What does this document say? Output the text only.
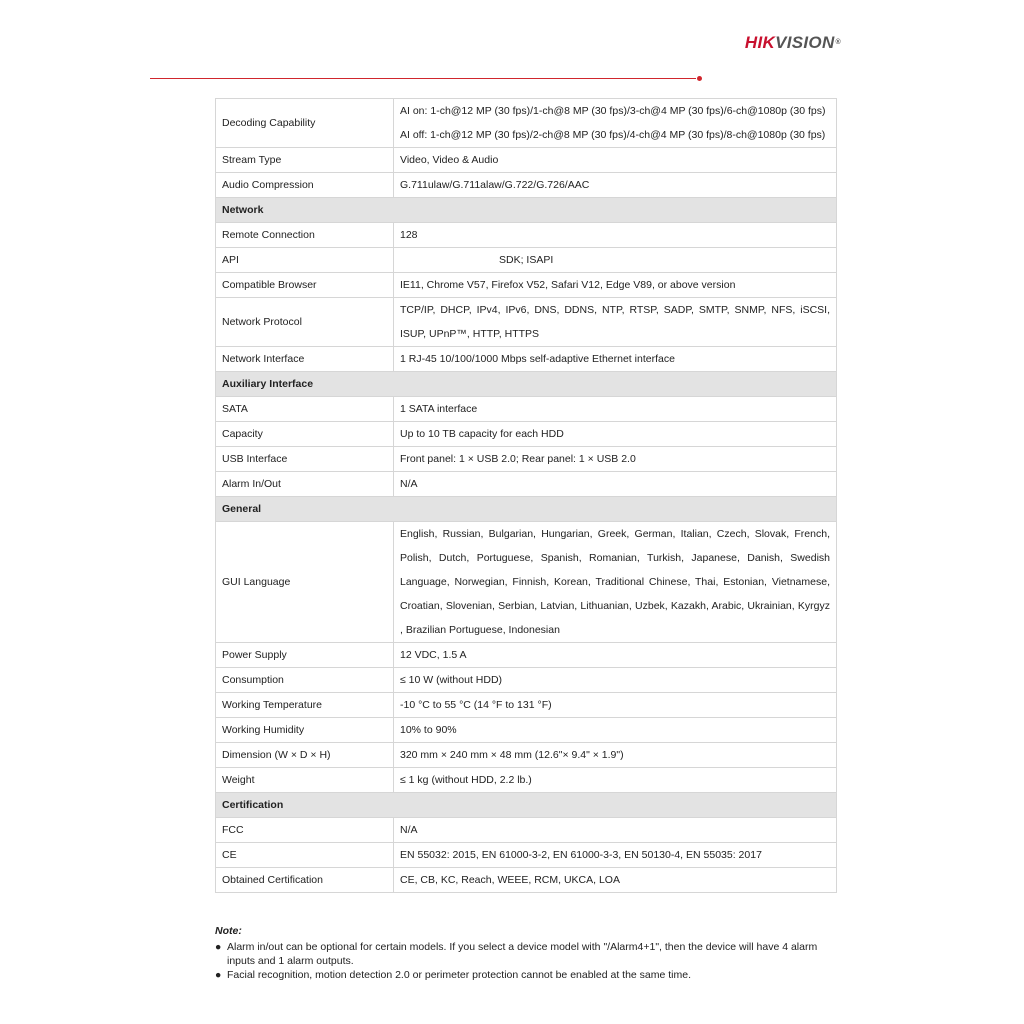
HIKVISION®
Decoding Capability	AI on: 1-ch@12 MP (30 fps)/1-ch@8 MP (30 fps)/3-ch@4 MP (30 fps)/6-ch@1080p (30 fps)
AI off: 1-ch@12 MP (30 fps)/2-ch@8 MP (30 fps)/4-ch@4 MP (30 fps)/8-ch@1080p (30 fps)

Stream Type	Video, Video & Audio

Audio Compression	G.711ulaw/G.711alaw/G.722/G.726/AAC

Network	
Remote Connection	128

API	SDK; ISAPI

Compatible Browser	IE11, Chrome V57, Firefox V52, Safari V12, Edge V89, or above version

Network Protocol	TCP/IP, DHCP, IPv4, IPv6, DNS, DDNS, NTP, RTSP, SADP, SMTP, SNMP, NFS, iSCSI, ISUP, UPnP™, HTTP, HTTPS

Network Interface	1 RJ-45 10/100/1000 Mbps self-adaptive Ethernet interface

Auxiliary Interface	
SATA	1 SATA interface

Capacity	Up to 10 TB capacity for each HDD

USB Interface	Front panel: 1 × USB 2.0; Rear panel: 1 × USB 2.0

Alarm In/Out	N/A

General	
GUI Language	English, Russian, Bulgarian, Hungarian, Greek, German, Italian, Czech, Slovak, French, Polish, Dutch, Portuguese, Spanish, Romanian, Turkish, Japanese, Danish, Swedish Language, Norwegian, Finnish, Korean, Traditional Chinese, Thai, Estonian, Vietnamese, Croatian, Slovenian, Serbian, Latvian, Lithuanian, Uzbek, Kazakh, Arabic, Ukrainian, Kyrgyz , Brazilian Portuguese, Indonesian

Power Supply	12 VDC, 1.5 A

Consumption	≤ 10 W (without HDD)

Working Temperature	-10 °C to 55 °C (14 °F to 131 °F)

Working Humidity	10% to 90%

Dimension (W × D × H)	320 mm × 240 mm × 48 mm (12.6"× 9.4" × 1.9")

Weight	≤ 1 kg (without HDD, 2.2 lb.)

Certification	
FCC	N/A

CE	EN 55032: 2015, EN 61000-3-2, EN 61000-3-3, EN 50130-4, EN 55035: 2017

Obtained Certification	CE, CB, KC, Reach, WEEE, RCM, UKCA, LOA
Note:
● Alarm in/out can be optional for certain models. If you select a device model with "/Alarm4+1", then the device will have 4 alarm inputs and 1 alarm outputs.
● Facial recognition, motion detection 2.0 or perimeter protection cannot be enabled at the same time.
